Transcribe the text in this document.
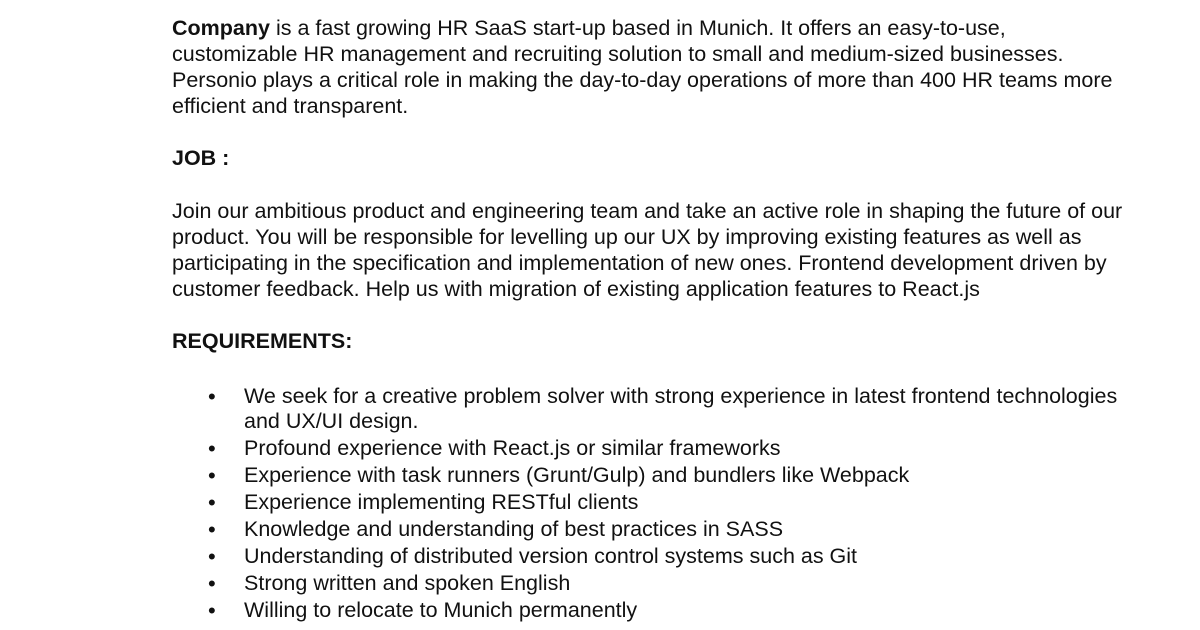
Company is a fast growing HR SaaS start-up based in Munich. It offers an easy-to-use, customizable HR management and recruiting solution to small and medium-sized businesses. Personio plays a critical role in making the day-to-day operations of more than 400 HR teams more efficient and transparent.

JOB :

Join our ambitious product and engineering team and take an active role in shaping the future of our product. You will be responsible for levelling up our UX by improving existing features as well as participating in the specification and implementation of new ones. Frontend development driven by customer feedback. Help us with migration of existing application features to React.js

REQUIREMENTS:

• We seek for a creative problem solver with strong experience in latest frontend technologies and UX/UI design.
• Profound experience with React.js or similar frameworks
• Experience with task runners (Grunt/Gulp) and bundlers like Webpack
• Experience implementing RESTful clients
• Knowledge and understanding of best practices in SASS
• Understanding of distributed version control systems such as Git
• Strong written and spoken English
• Willing to relocate to Munich permanently
